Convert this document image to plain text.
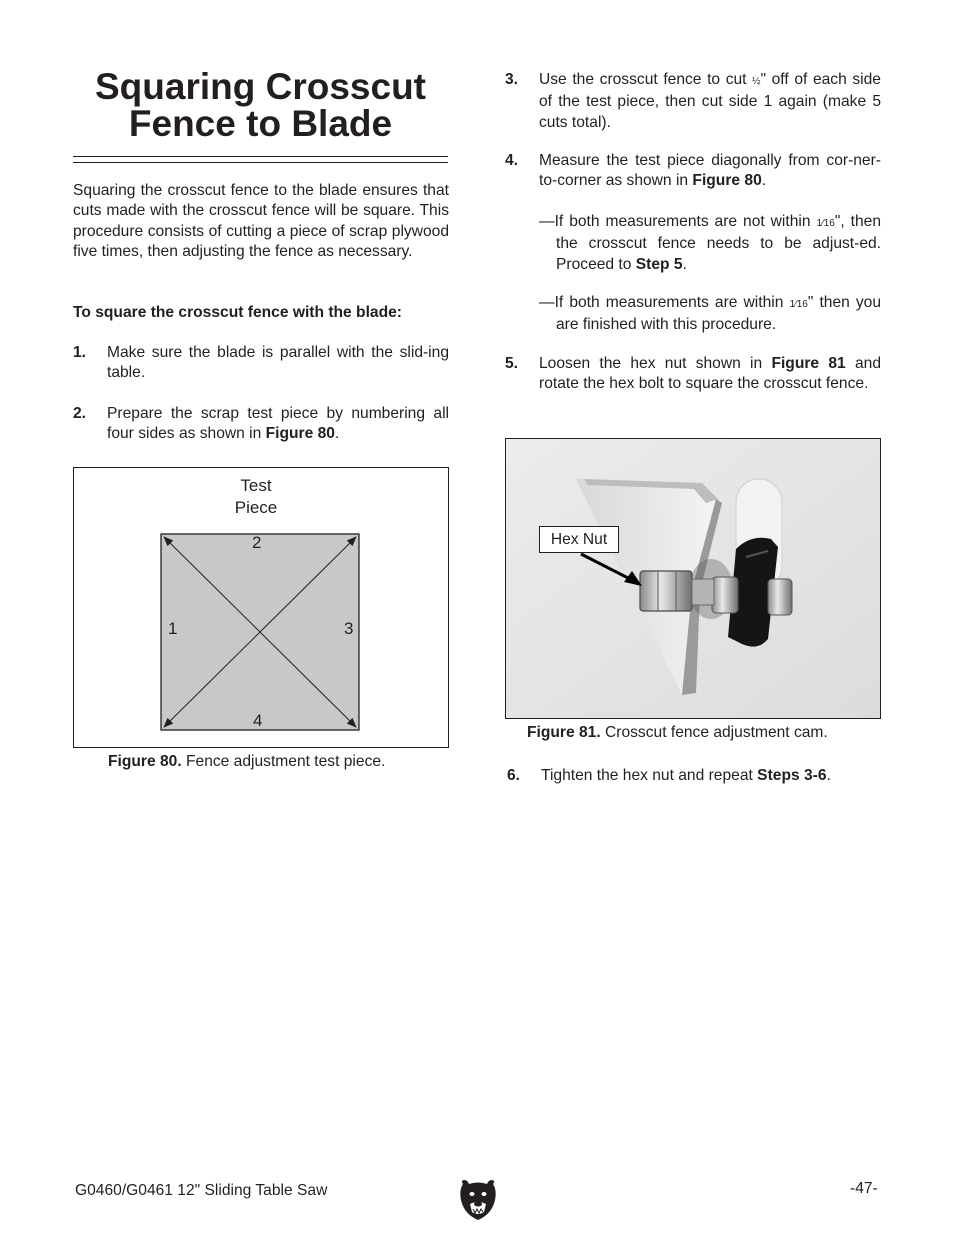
Squaring Crosscut
Fence to Blade
Squaring the crosscut fence to the blade ensures that cuts made with the crosscut fence will be square. This procedure consists of cutting a piece of scrap plywood five times, then adjusting the fence as necessary.
To square the crosscut fence with the blade:
1. Make sure the blade is parallel with the slid-ing table.
2. Prepare the scrap test piece by numbering all four sides as shown in Figure 80.
Test
Piece
2
1	3
4
Figure 80. Fence adjustment test piece.
3. Use the crosscut fence to cut ½" off of each side of the test piece, then cut side 1 again (make 5 cuts total).
4. Measure the test piece diagonally from cor-ner-to-corner as shown in Figure 80.
—If both measurements are not within 1⁄16", then the crosscut fence needs to be adjust-ed. Proceed to Step 5.
—If both measurements are within 1⁄16" then you are finished with this procedure.
5. Loosen the hex nut shown in Figure 81 and rotate the hex bolt to square the crosscut fence.
Hex Nut
Figure 81. Crosscut fence adjustment cam.
6. Tighten the hex nut and repeat Steps 3-6.
G0460/G0461 12" Sliding Table Saw	-47-
